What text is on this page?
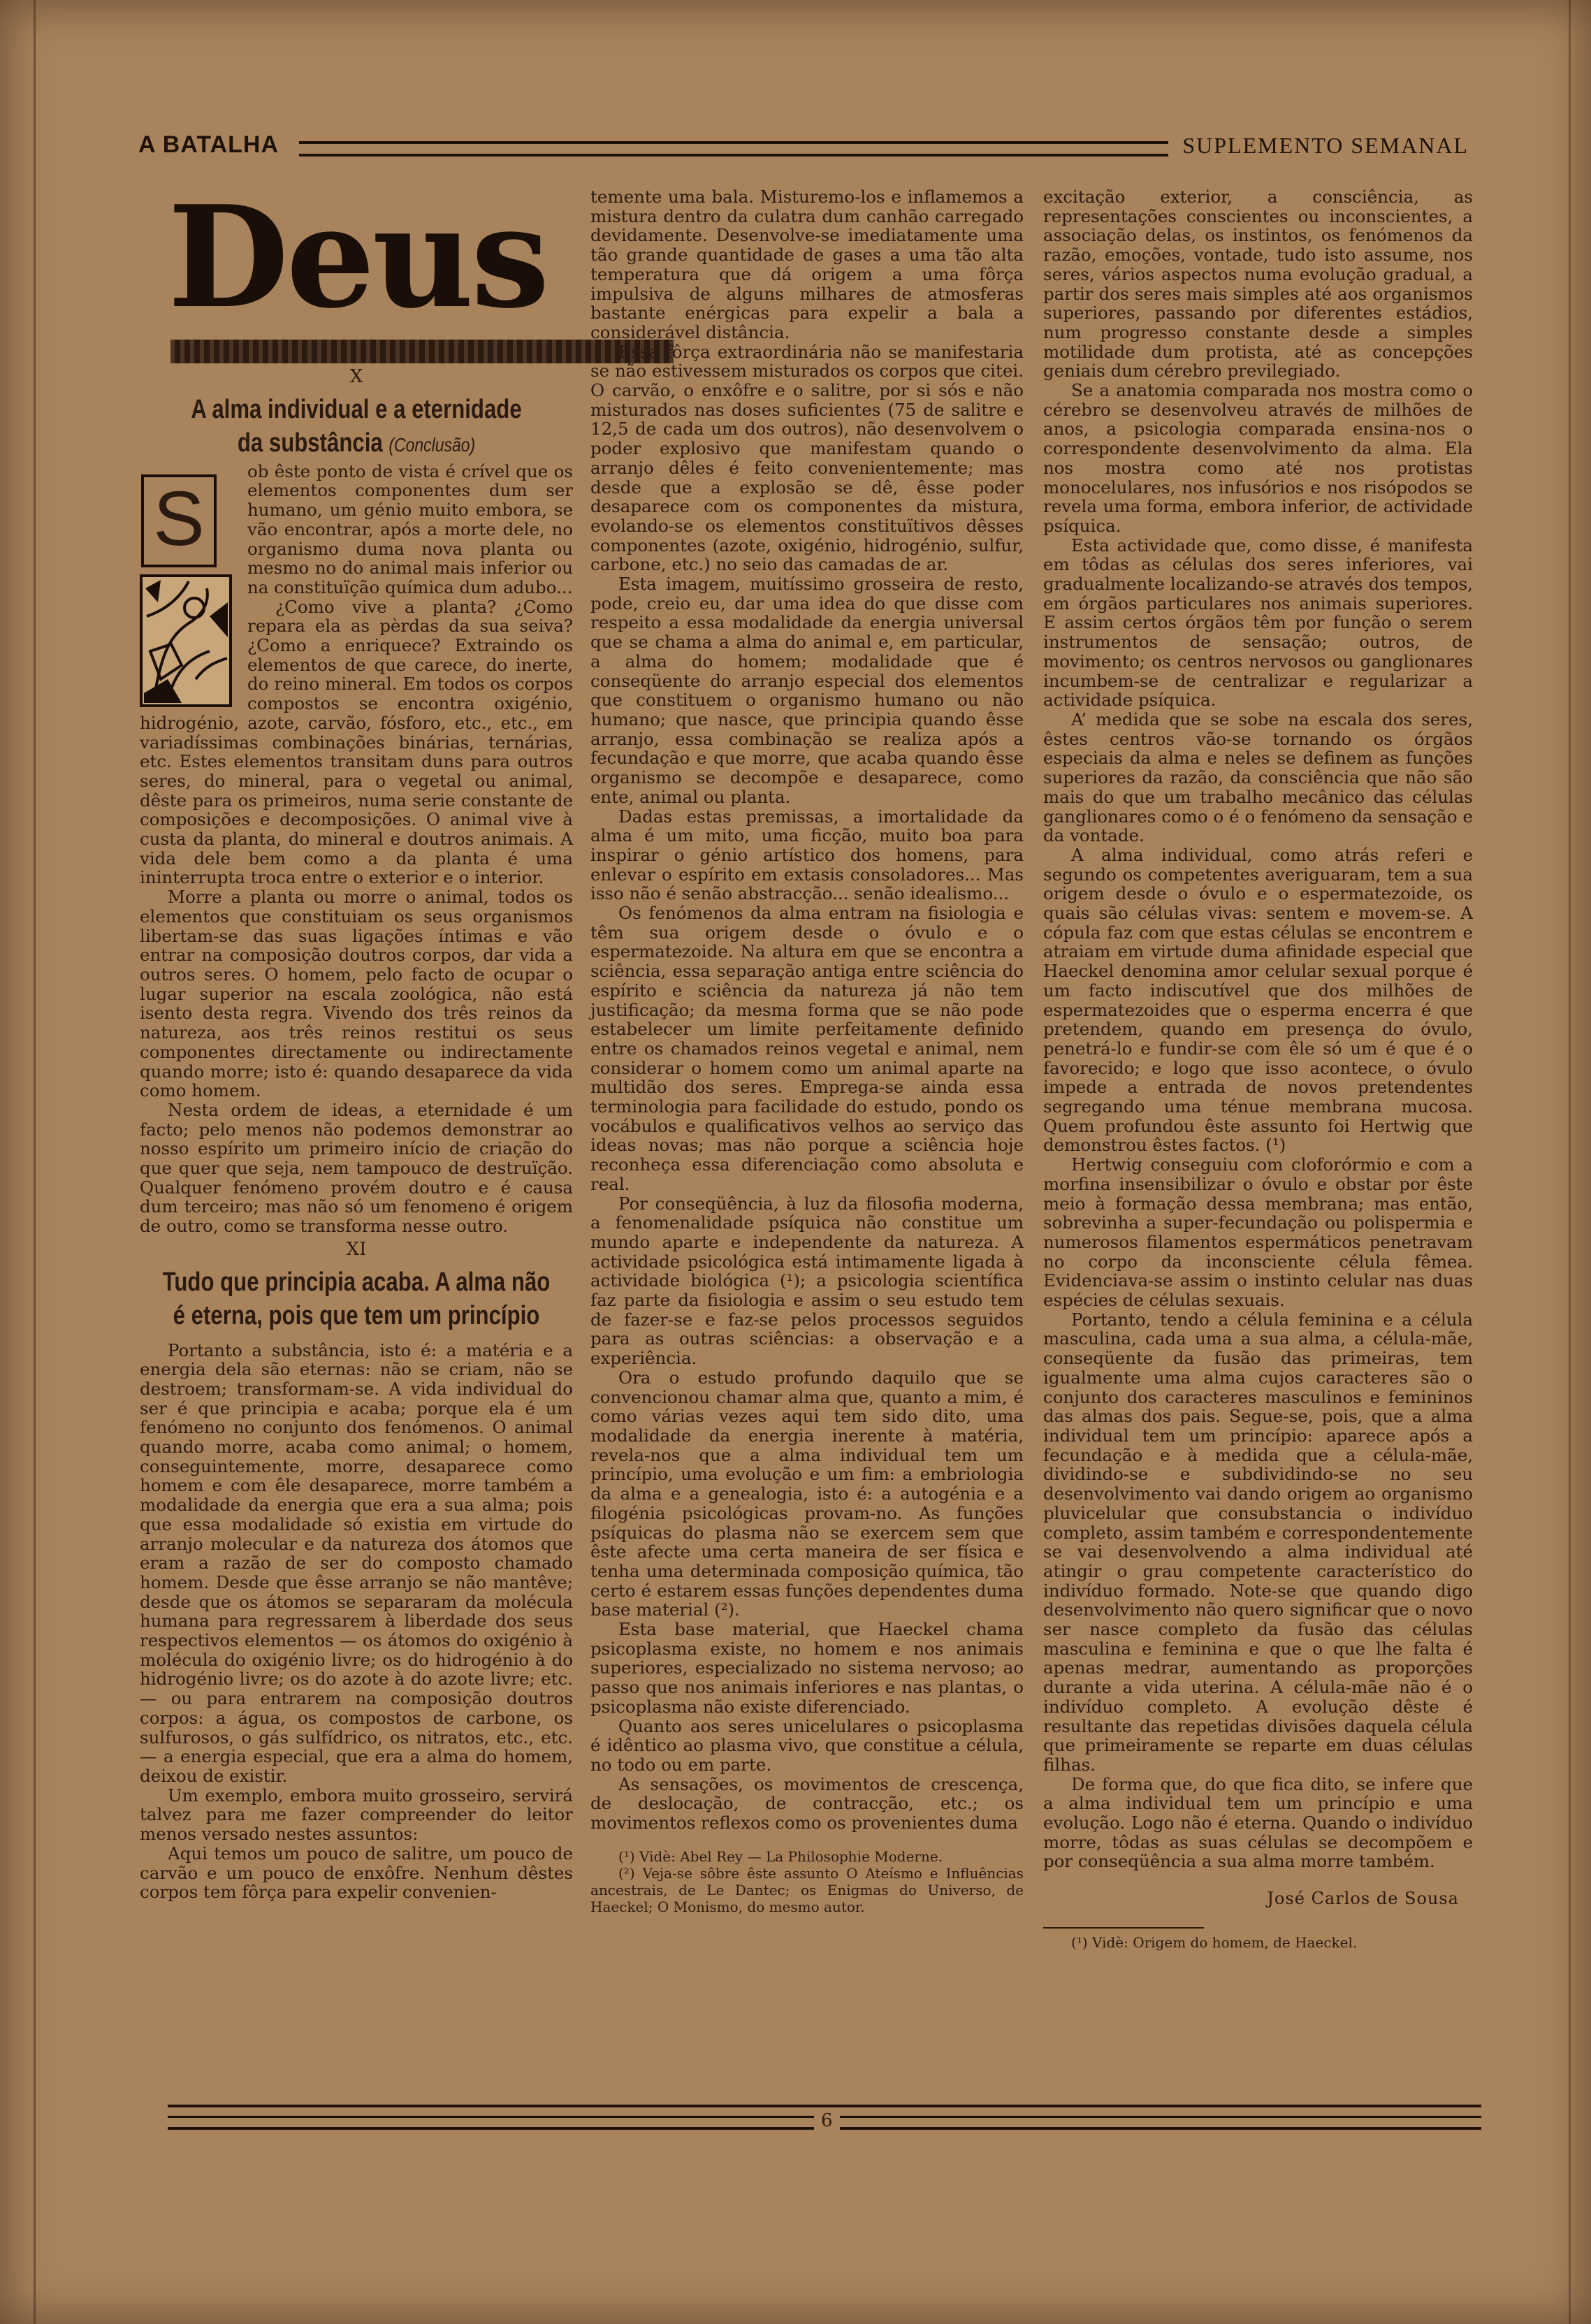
A BATALHA	SUPLEMENTO SEMANAL
Deus
X
A alma individual e a eternidade
da substância (Conclusão)
S

ob êste ponto de vista é crível que os elementos componentes dum ser humano, um génio muito embora, se vão encontrar, após a morte dele, no organismo duma nova planta ou mesmo no do animal mais inferior ou na constituïção química dum adubo...

¿Como vive a planta? ¿Como repara ela as pèrdas da sua seiva? ¿Como a enriquece? Extraindo os elementos de que carece, do inerte, do reino mineral. Em todos os corpos compostos se encontra oxigénio, hidrogénio, azote, carvão, fósforo, etc., etc., em variadíssimas combinações binárias, ternárias, etc. Estes elementos transitam duns para outros seres, do mineral, para o vegetal ou animal, dêste para os primeiros, numa serie constante de composições e decomposições. O animal vive à custa da planta, do mineral e doutros animais. A vida dele bem como a da planta é uma ininterrupta troca entre o exterior e o interior.

Morre a planta ou morre o animal, todos os elementos que constituiam os seus organismos libertam-se das suas ligações íntimas e vão entrar na composição doutros corpos, dar vida a outros seres. O homem, pelo facto de ocupar o lugar superior na escala zoológica, não está isento desta regra. Vivendo dos três reinos da natureza, aos três reinos restitui os seus componentes directamente ou indirectamente quando morre; isto é: quando desaparece da vida como homem.

Nesta ordem de ideas, a eternidade é um facto; pelo menos não podemos demonstrar ao nosso espírito um primeiro início de criação do que quer que seja, nem tampouco de destruïção. Qualquer fenómeno provém doutro e é causa dum terceiro; mas não só um fenomeno é origem de outro, como se transforma nesse outro.

XI
Tudo que principia acaba. A alma não
é eterna, pois que tem um princípio

Portanto a substância, isto é: a matéria e a energia dela são eternas: não se criam, não se destroem; transformam-se. A vida individual do ser é que principia e acaba; porque ela é um fenómeno no conjunto dos fenómenos. O animal quando morre, acaba como animal; o homem, conseguintemente, morre, desaparece como homem e com êle desaparece, morre também a modalidade da energia que era a sua alma; pois que essa modalidade só existia em virtude do arranjo molecular e da natureza dos átomos que eram a razão de ser do composto chamado homem. Desde que êsse arranjo se não mantêve; desde que os átomos se separaram da molécula humana para regressarem à liberdade dos seus respectivos elementos — os átomos do oxigénio à molécula do oxigénio livre; os do hidrogénio à do hidrogénio livre; os do azote à do azote livre; etc. — ou para entrarem na composição doutros corpos: a água, os compostos de carbone, os sulfurosos, o gás sulfídrico, os nitratos, etc., etc. — a energia especial, que era a alma do homem, deixou de existir.

Um exemplo, embora muito grosseiro, servirá talvez para me fazer compreender do leitor menos versado nestes assuntos:

Aqui temos um pouco de salitre, um pouco de carvão e um pouco de enxôfre. Nenhum dêstes corpos tem fôrça para expelir convenien-

temente uma bala. Misturemo-los e inflamemos a mistura dentro da culatra dum canhão carregado devidamente. Desenvolve-se imediatamente uma tão grande quantidade de gases a uma tão alta temperatura que dá origem a uma fôrça impulsiva de alguns milhares de atmosferas bastante enérgicas para expelir a bala a considerável distância.

Essa fôrça extraordinária não se manifestaria se não estivessem misturados os corpos que citei. O carvão, o enxôfre e o salitre, por si sós e não misturados nas doses suficientes (75 de salitre e 12,5 de cada um dos outros), não desenvolvem o poder explosivo que manifestam quando o arranjo dêles é feito convenientemente; mas desde que a explosão se dê, êsse poder desaparece com os componentes da mistura, evolando-se os elementos constituïtivos dêsses componentes (azote, oxigénio, hidrogénio, sulfur, carbone, etc.) no seio das camadas de ar.

Esta imagem, muitíssimo grosseira de resto, pode, creio eu, dar uma idea do que disse com respeito a essa modalidade da energia universal que se chama a alma do animal e, em particular, a alma do homem; modalidade que é conseqüente do arranjo especial dos elementos que constituem o organismo humano ou não humano; que nasce, que principia quando êsse arranjo, essa combinação se realiza após a fecundação e que morre, que acaba quando êsse organismo se decompõe e desaparece, como ente, animal ou planta.

Dadas estas premissas, a imortalidade da alma é um mito, uma ficção, muito boa para inspirar o génio artístico dos homens, para enlevar o espírito em extasis consoladores... Mas isso não é senão abstracção... senão idealismo...

Os fenómenos da alma entram na fisiologia e têm sua origem desde o óvulo e o espermatezoide. Na altura em que se encontra a sciência, essa separação antiga entre sciência do espírito e sciência da natureza já não tem justificação; da mesma forma que se não pode estabelecer um limite perfeitamente definido entre os chamados reinos vegetal e animal, nem considerar o homem como um animal aparte na multidão dos seres. Emprega-se ainda essa terminologia para facilidade do estudo, pondo os vocábulos e qualificativos velhos ao serviço das ideas novas; mas não porque a sciência hoje reconheça essa diferenciação como absoluta e real.

Por conseqüência, à luz da filosofia moderna, a fenomenalidade psíquica não constitue um mundo aparte e independente da natureza. A actividade psicológica está intimamente ligada à actividade biológica (¹); a psicologia scientífica faz parte da fisiologia e assim o seu estudo tem de fazer-se e faz-se pelos processos seguidos para as outras sciências: a observação e a experiência.

Ora o estudo profundo daquilo que se convencionou chamar alma que, quanto a mim, é como várias vezes aqui tem sido dito, uma modalidade da energia inerente à matéria, revela-nos que a alma individual tem um princípio, uma evolução e um fim: a embriologia da alma e a genealogia, isto é: a autogénia e a filogénia psicológicas provam-no. As funções psíquicas do plasma não se exercem sem que êste afecte uma certa maneira de ser física e tenha uma determinada composição química, tão certo é estarem essas funções dependentes duma base material (²).

Esta base material, que Haeckel chama psicoplasma existe, no homem e nos animais superiores, especializado no sistema nervoso; ao passo que nos animais inferiores e nas plantas, o psicoplasma não existe diferenciado.

Quanto aos seres unicelulares o psicoplasma é idêntico ao plasma vivo, que constitue a célula, no todo ou em parte.

As sensações, os movimentos de crescença, de deslocação, de contracção, etc.; os movimentos reflexos como os provenientes duma

(¹) Vidè: Abel Rey — La Philosophie Moderne.

(²) Veja-se sôbre êste assunto O Ateísmo e Influências ancestrais, de Le Dantec; os Enigmas do Universo, de Haeckel; O Monismo, do mesmo autor.

excitação exterior, a consciência, as representações conscientes ou inconscientes, a associação delas, os instintos, os fenómenos da razão, emoções, vontade, tudo isto assume, nos seres, vários aspectos numa evolução gradual, a partir dos seres mais simples até aos organismos superiores, passando por diferentes estádios, num progresso constante desde a simples motilidade dum protista, até as concepções geniais dum cérebro previlegiado.

Se a anatomia comparada nos mostra como o cérebro se desenvolveu através de milhões de anos, a psicologia comparada ensina-nos o correspondente desenvolvimento da alma. Ela nos mostra como até nos protistas monocelulares, nos infusórios e nos risópodos se revela uma forma, embora inferior, de actividade psíquica.

Esta actividade que, como disse, é manifesta em tôdas as células dos seres inferiores, vai gradualmente localizando-se através dos tempos, em órgãos particulares nos animais superiores. E assim certos órgãos têm por função o serem instrumentos de sensação; outros, de movimento; os centros nervosos ou ganglionares incumbem-se de centralizar e regularizar a actividade psíquica.

A’ medida que se sobe na escala dos seres, êstes centros vão-se tornando os órgãos especiais da alma e neles se definem as funções superiores da razão, da consciência que não são mais do que um trabalho mecânico das células ganglionares como o é o fenómeno da sensação e da vontade.

A alma individual, como atrás referi e segundo os competentes averiguaram, tem a sua origem desde o óvulo e o espermatezoide, os quais são células vivas: sentem e movem-se. A cópula faz com que estas células se encontrem e atraiam em virtude duma afinidade especial que Haeckel denomina amor celular sexual porque é um facto indiscutível que dos milhões de espermatezoides que o esperma encerra é que pretendem, quando em presença do óvulo, penetrá-lo e fundir-se com êle só um é que é o favorecido; e logo que isso acontece, o óvulo impede a entrada de novos pretendentes segregando uma ténue membrana mucosa. Quem profundou êste assunto foi Hertwig que demonstrou êstes factos. (¹)

Hertwig conseguiu com cloforórmio e com a morfina insensibilizar o óvulo e obstar por êste meio à formação dessa membrana; mas então, sobrevinha a super-fecundação ou polispermia e numerosos filamentos espermáticos penetravam no corpo da inconsciente célula fêmea. Evidenciava-se assim o instinto celular nas duas espécies de células sexuais.

Portanto, tendo a célula feminina e a célula masculina, cada uma a sua alma, a célula-mãe, conseqüente da fusão das primeiras, tem igualmente uma alma cujos caracteres são o conjunto dos caracteres masculinos e femininos das almas dos pais. Segue-se, pois, que a alma individual tem um princípio: aparece após a fecundação e à medida que a célula-mãe, dividindo-se e subdividindo-se no seu desenvolvimento vai dando origem ao organismo pluvicelular que consubstancia o indivíduo completo, assim também e correspondentemente se vai desenvolvendo a alma individual até atingir o grau competente característico do indivíduo formado. Note-se que quando digo desenvolvimento não quero significar que o novo ser nasce completo da fusão das células masculina e feminina e que o que lhe falta é apenas medrar, aumentando as proporções durante a vida uterina. A célula-mãe não é o indivíduo completo. A evolução dêste é resultante das repetidas divisões daquela célula que primeiramente se reparte em duas células filhas.

De forma que, do que fica dito, se infere que a alma individual tem um princípio e uma evolução. Logo não é eterna. Quando o indivíduo morre, tôdas as suas células se decompõem e por conseqüência a sua alma morre também.

José Carlos de Sousa

(¹) Vidè: Origem do homem, de Haeckel.

6
